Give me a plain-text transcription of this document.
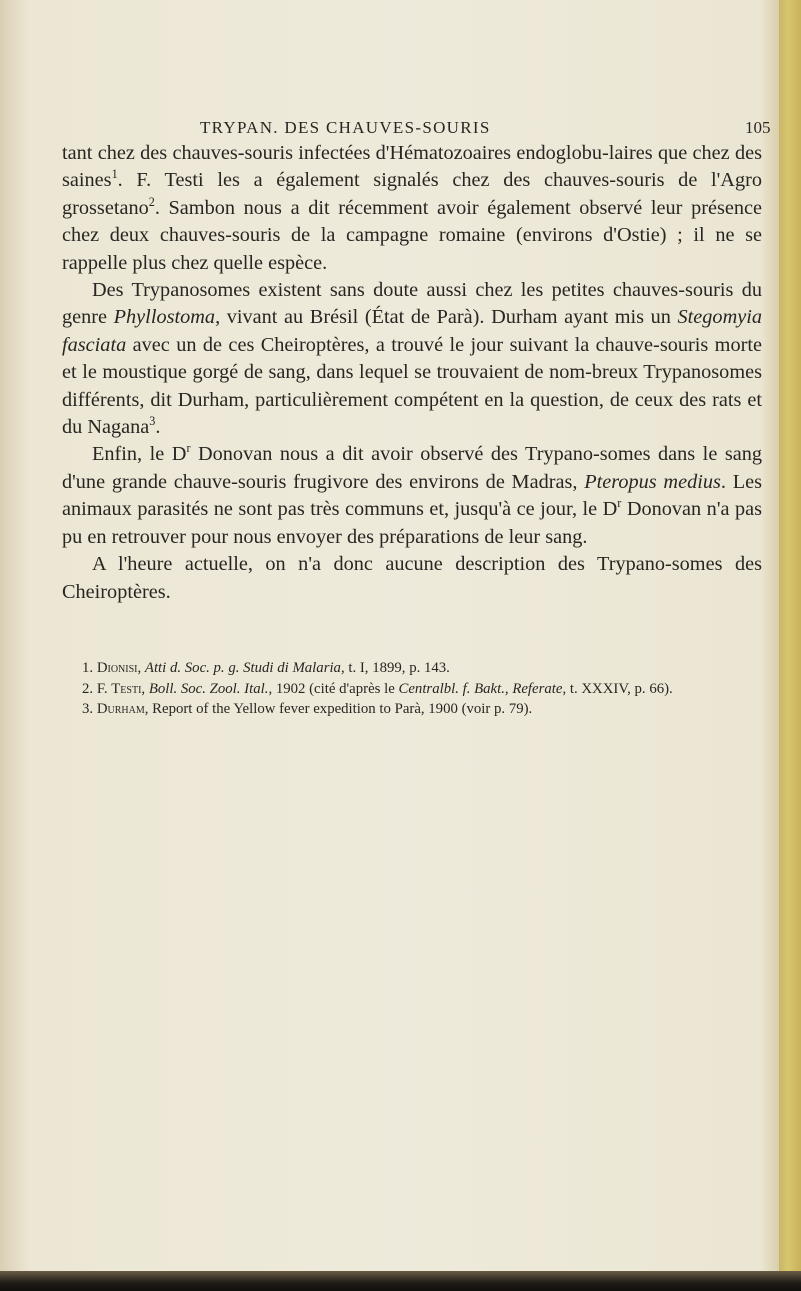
TRYPAN. DES CHAUVES-SOURIS	105

tant chez des chauves-souris infectées d'Hématozoaires endoglobu-laires que chez des saines$^1$. F. Testi les a également signalés chez des chauves-souris de l'Agro grossetano$^2$. Sambon nous a dit récemment avoir également observé leur présence chez deux chauves-souris de la campagne romaine (environs d'Ostie) ; il ne se rappelle plus chez quelle espèce.

Des Trypanosomes existent sans doute aussi chez les petites chauves-souris du genre Phyllostoma, vivant au Brésil (État de Parà). Durham ayant mis un Stegomyia fasciata avec un de ces Cheiroptères, a trouvé le jour suivant la chauve-souris morte et le moustique gorgé de sang, dans lequel se trouvaient de nom-breux Trypanosomes différents, dit Durham, particulièrement compétent en la question, de ceux des rats et du Nagana$^3$.

Enfin, le $D^r$ Donovan nous a dit avoir observé des Trypano-somes dans le sang d'une grande chauve-souris frugivore des environs de Madras, Pteropus medius. Les animaux parasités ne sont pas très communs et, jusqu'à ce jour, le $D^r$ Donovan n'a pas pu en retrouver pour nous envoyer des préparations de leur sang.

A l'heure actuelle, on n'a donc aucune description des Trypano-somes des Cheiroptères.

1. Dionisi, Atti d. Soc. p. g. Studi di Malaria, t. I, 1899, p. 143.

2. F. Testi, Boll. Soc. Zool. Ital., 1902 (cité d'après le Centralbl. f. Bakt., Referate, t. XXXIV, p. 66).

3. Durham, Report of the Yellow fever expedition to Parà, 1900 (voir p. 79).
